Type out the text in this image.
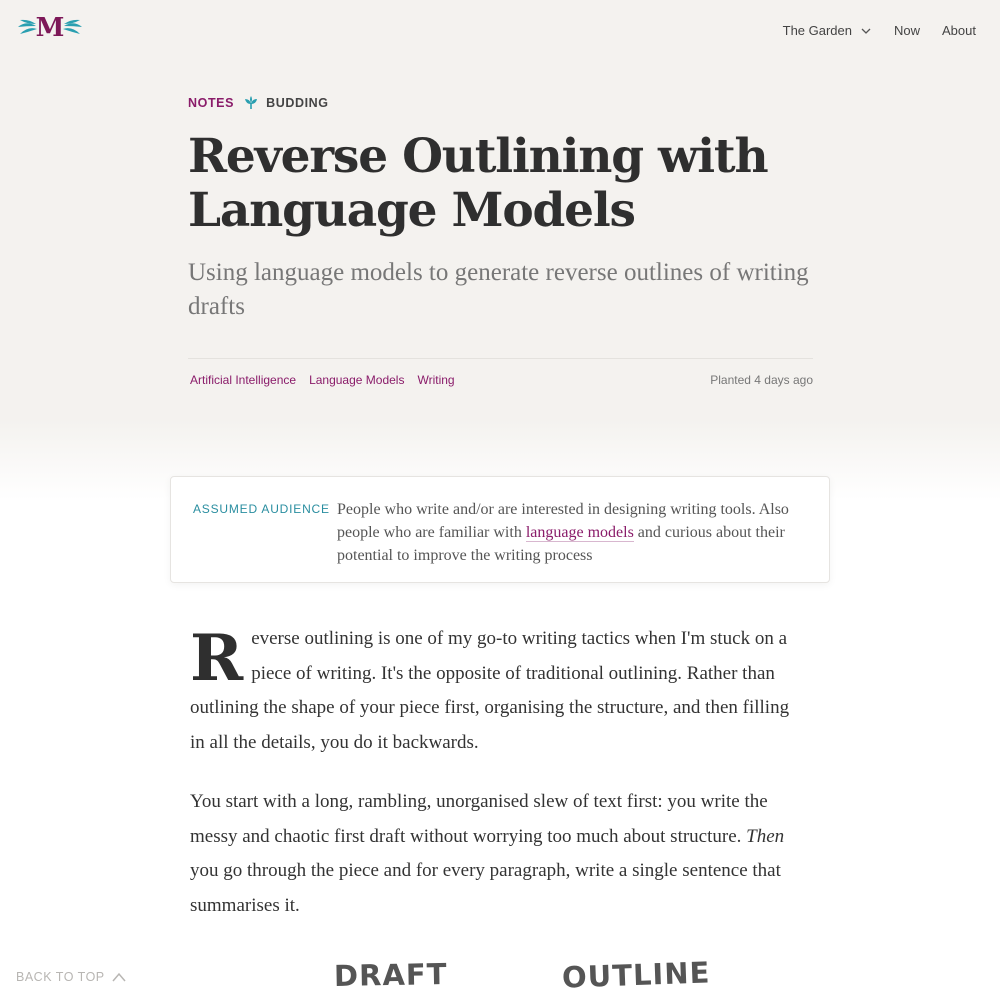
M	The Garden	Now About
NOTES	BUDDING
Reverse Outlining with
Language Models

Using language models to generate reverse outlines of writing drafts

Artificial Intelligence Language Models Writing	Planted 4 days ago
ASSUMED AUDIENCE People who write and/or are interested in designing writing tools. Also people who are familiar with language models and curious about their potential to improve the writing process

Reverse outlining is one of my go-to writing tactics when I'm stuck on a piece of writing. It's the opposite of traditional outlining. Rather than outlining the shape of your piece first, organising the structure, and then filling in all the details, you do it backwards.

You start with a long, rambling, unorganised slew of text first: you write the messy and chaotic first draft without worrying too much about structure. Then you go through the piece and for every paragraph, write a single sentence that summarises it.

DRAFT	OUTLINE
BACK TO TOP
